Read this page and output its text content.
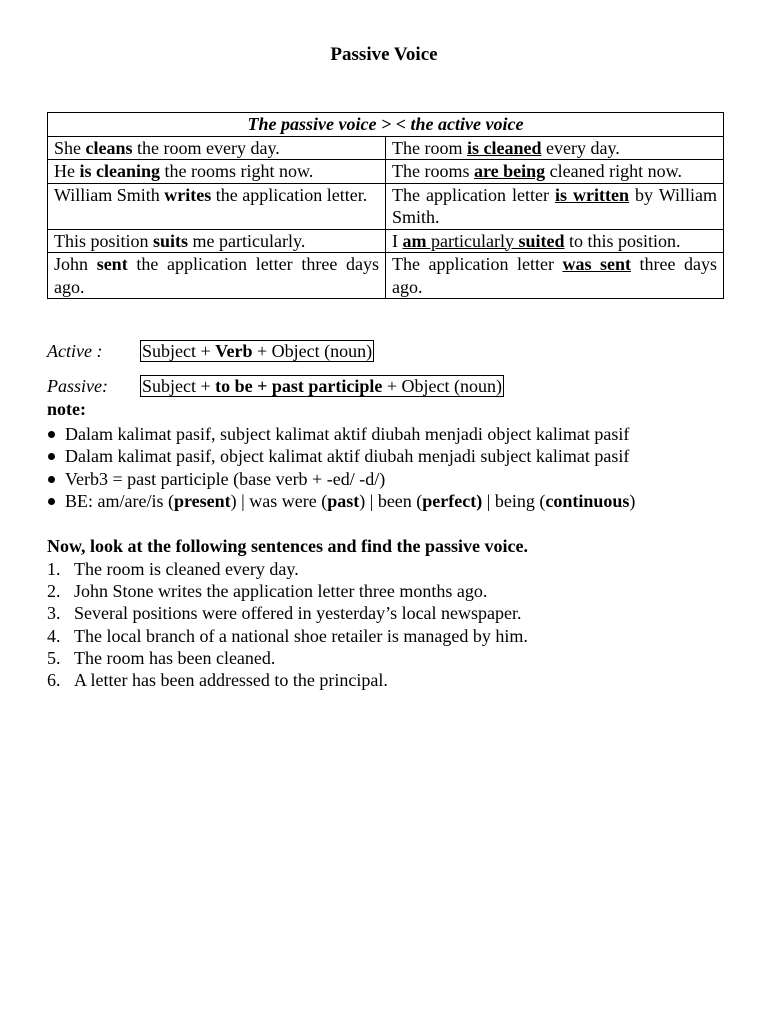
Passive Voice
The passive voice > < the active voice	
She cleans the room every day.	The room is cleaned every day.
He is cleaning the rooms right now.	The rooms are being cleaned right now.
William Smith writes the application letter.	The application letter is written by William Smith.
This position suits me particularly.	I am particularly suited to this position.
John sent the application letter three days ago.	The application letter was sent three days ago.
Active : Subject + Verb + Object (noun)
Passive: Subject + to be + past participle + Object (noun)
note:
Dalam kalimat pasif, subject kalimat aktif diubah menjadi object kalimat pasif
Dalam kalimat pasif, object kalimat aktif diubah menjadi subject kalimat pasif
Verb3 = past participle (base verb + -ed/ -d/)
BE: am/are/is (present) | was were (past) | been (perfect) | being (continuous)
Now, look at the following sentences and find the passive voice.
1. The room is cleaned every day.
2. John Stone writes the application letter three months ago.
3. Several positions were offered in yesterday’s local newspaper.
4. The local branch of a national shoe retailer is managed by him.
5. The room has been cleaned.
6. A letter has been addressed to the principal.
